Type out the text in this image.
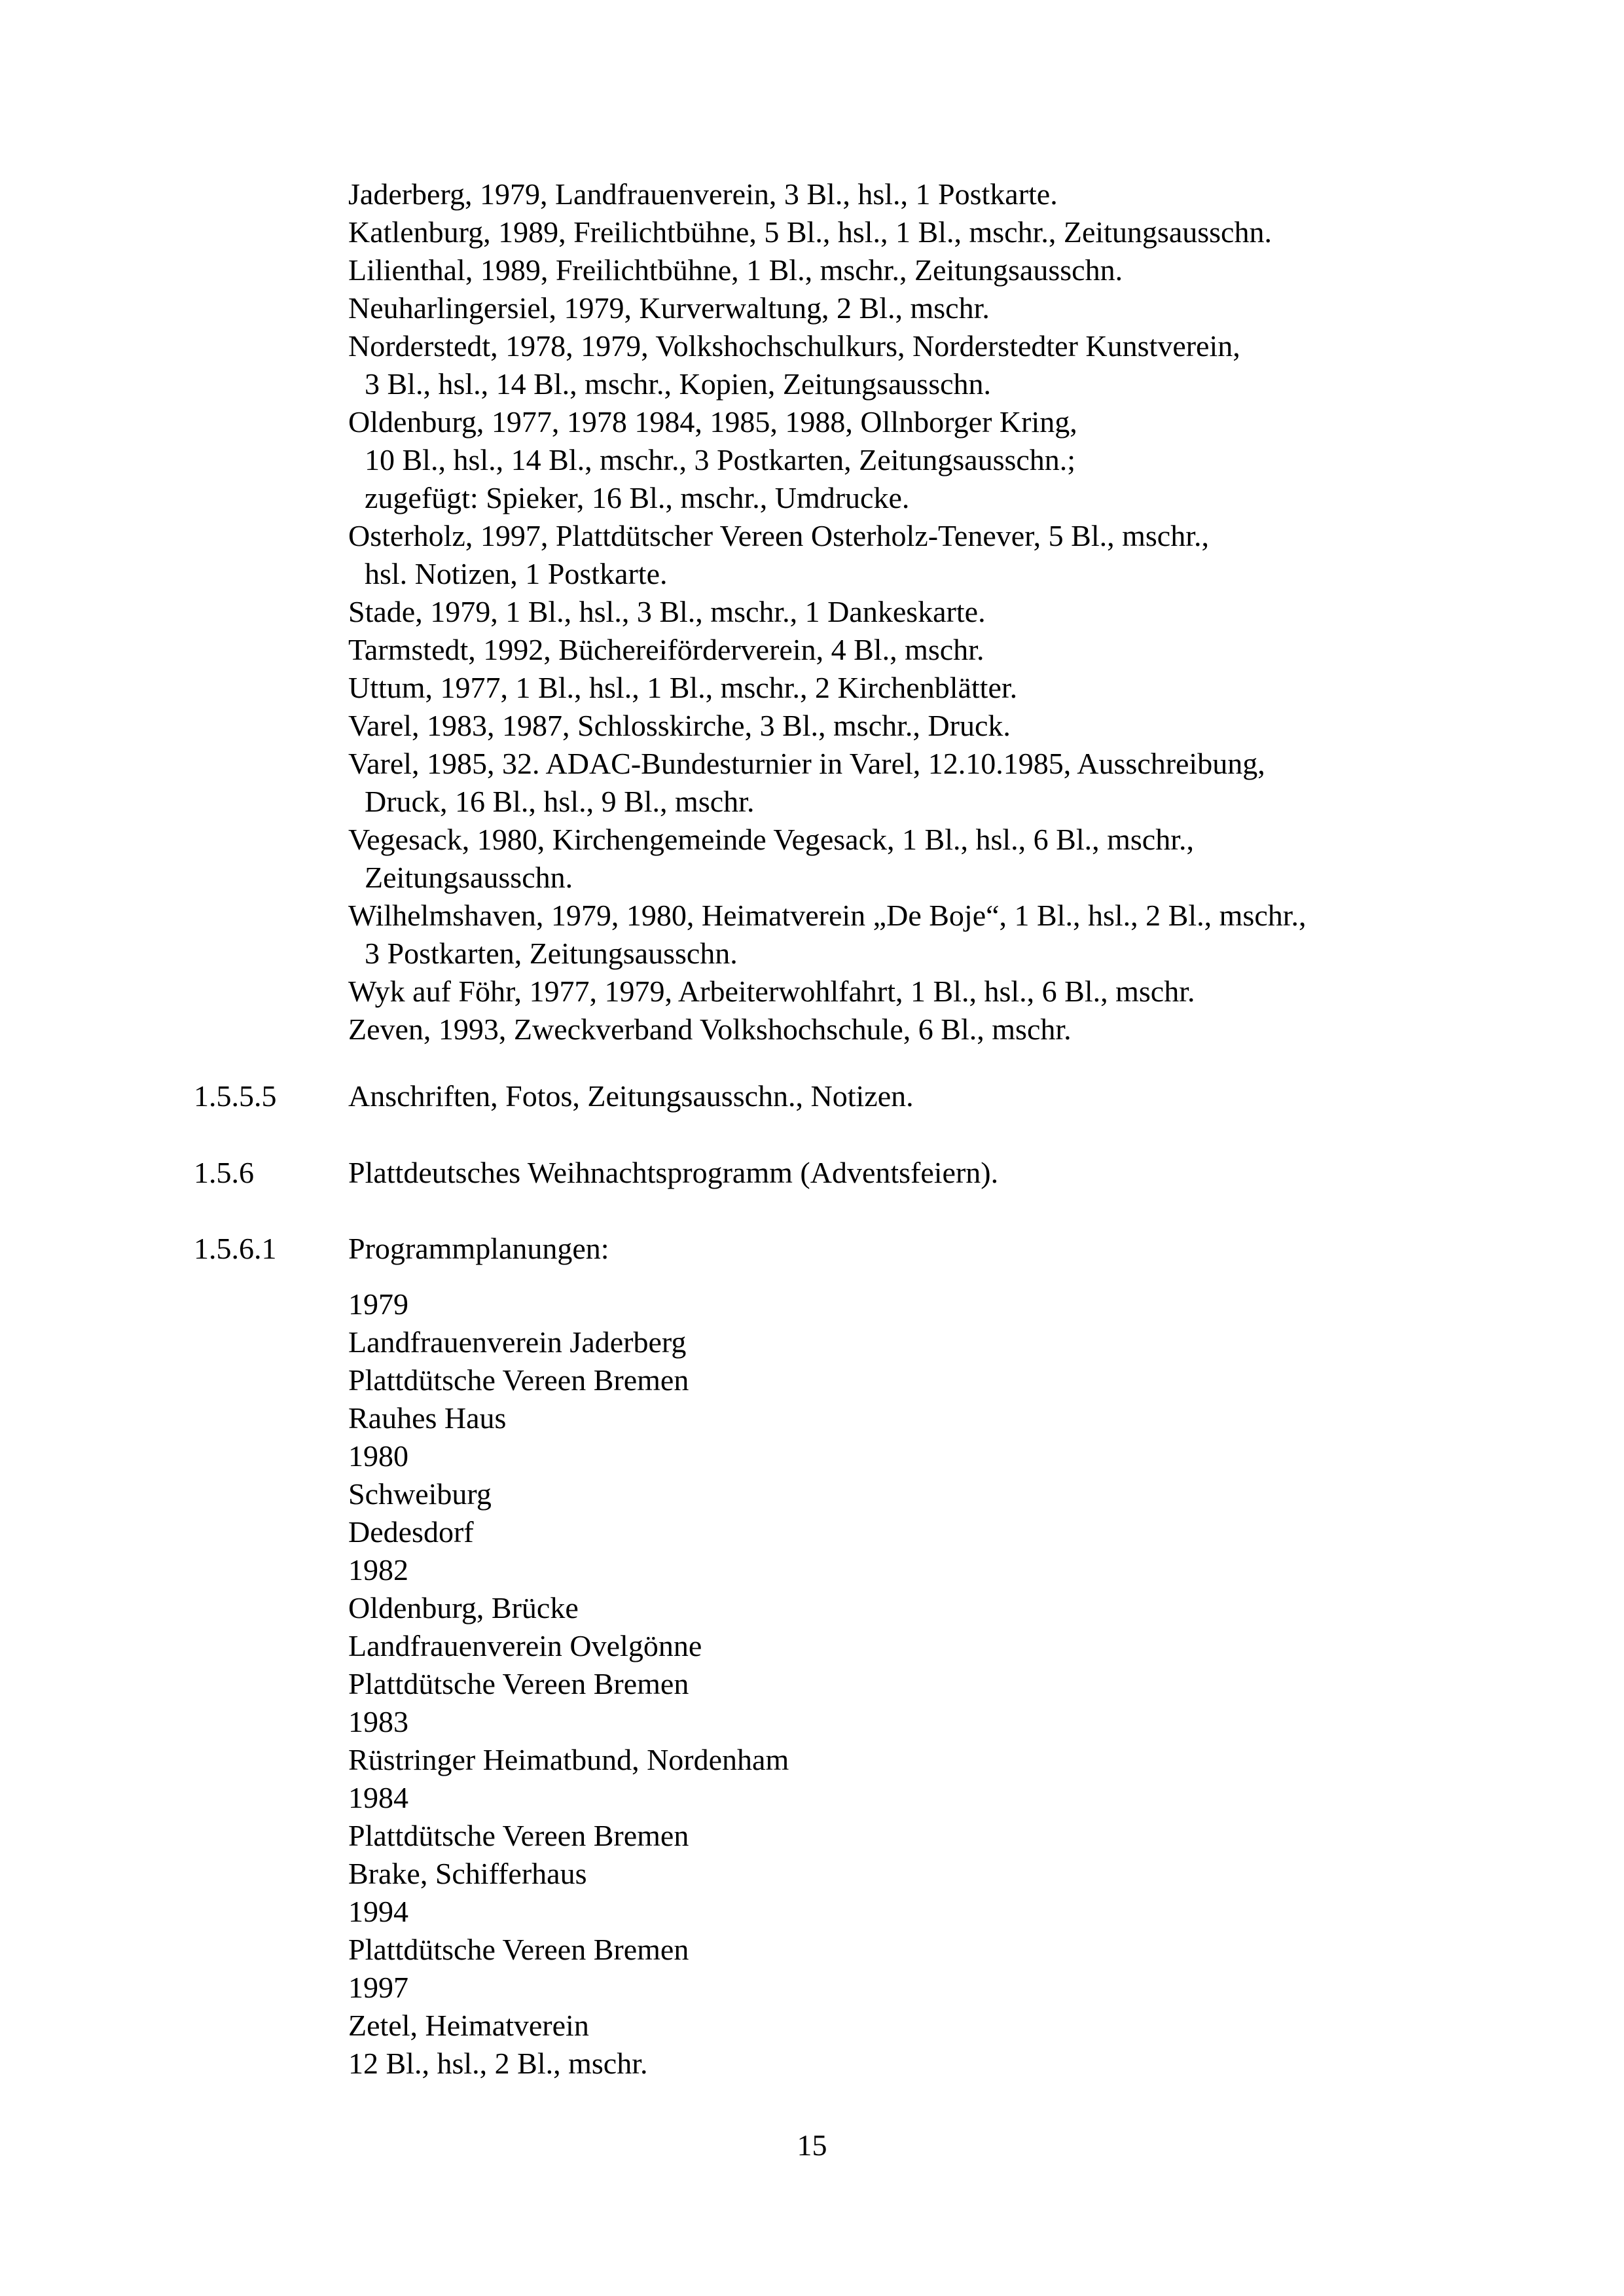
Jaderberg, 1979, Landfrauenverein, 3 Bl., hsl., 1 Postkarte.
Katlenburg, 1989, Freilichtbühne, 5 Bl., hsl., 1 Bl., mschr., Zeitungsausschn.
Lilienthal, 1989, Freilichtbühne, 1 Bl., mschr., Zeitungsausschn.
Neuharlingersiel, 1979, Kurverwaltung, 2 Bl., mschr.
Norderstedt, 1978, 1979, Volkshochschulkurs, Norderstedter Kunstverein,
3 Bl., hsl., 14 Bl., mschr., Kopien, Zeitungsausschn.
Oldenburg, 1977, 1978 1984, 1985, 1988, Ollnborger Kring,
10 Bl., hsl., 14 Bl., mschr., 3 Postkarten, Zeitungsausschn.;
zugefügt: Spieker, 16 Bl., mschr., Umdrucke.
Osterholz, 1997, Plattdütscher Vereen Osterholz-Tenever, 5 Bl., mschr.,
hsl. Notizen, 1 Postkarte.
Stade, 1979, 1 Bl., hsl., 3 Bl., mschr., 1 Dankeskarte.
Tarmstedt, 1992, Büchereiförderverein, 4 Bl., mschr.
Uttum, 1977, 1 Bl., hsl., 1 Bl., mschr., 2 Kirchenblätter.
Varel, 1983, 1987, Schlosskirche, 3 Bl., mschr., Druck.
Varel, 1985, 32. ADAC-Bundesturnier in Varel, 12.10.1985, Ausschreibung,
Druck, 16 Bl., hsl., 9 Bl., mschr.
Vegesack, 1980, Kirchengemeinde Vegesack, 1 Bl., hsl., 6 Bl., mschr.,
Zeitungsausschn.
Wilhelmshaven, 1979, 1980, Heimatverein „De Boje“, 1 Bl., hsl., 2 Bl., mschr.,
3 Postkarten, Zeitungsausschn.
Wyk auf Föhr, 1977, 1979, Arbeiterwohlfahrt, 1 Bl., hsl., 6 Bl., mschr.
Zeven, 1993, Zweckverband Volkshochschule, 6 Bl., mschr.
1.5.5.5 Anschriften, Fotos, Zeitungsausschn., Notizen.
1.5.6	Plattdeutsches Weihnachtsprogramm (Adventsfeiern).
1.5.6.1 Programmplanungen:
1979
Landfrauenverein Jaderberg
Plattdütsche Vereen Bremen
Rauhes Haus
1980
Schweiburg
Dedesdorf
1982
Oldenburg, Brücke
Landfrauenverein Ovelgönne
Plattdütsche Vereen Bremen
1983
Rüstringer Heimatbund, Nordenham
1984
Plattdütsche Vereen Bremen
Brake, Schifferhaus
1994
Plattdütsche Vereen Bremen
1997
Zetel, Heimatverein
12 Bl., hsl., 2 Bl., mschr.
15
